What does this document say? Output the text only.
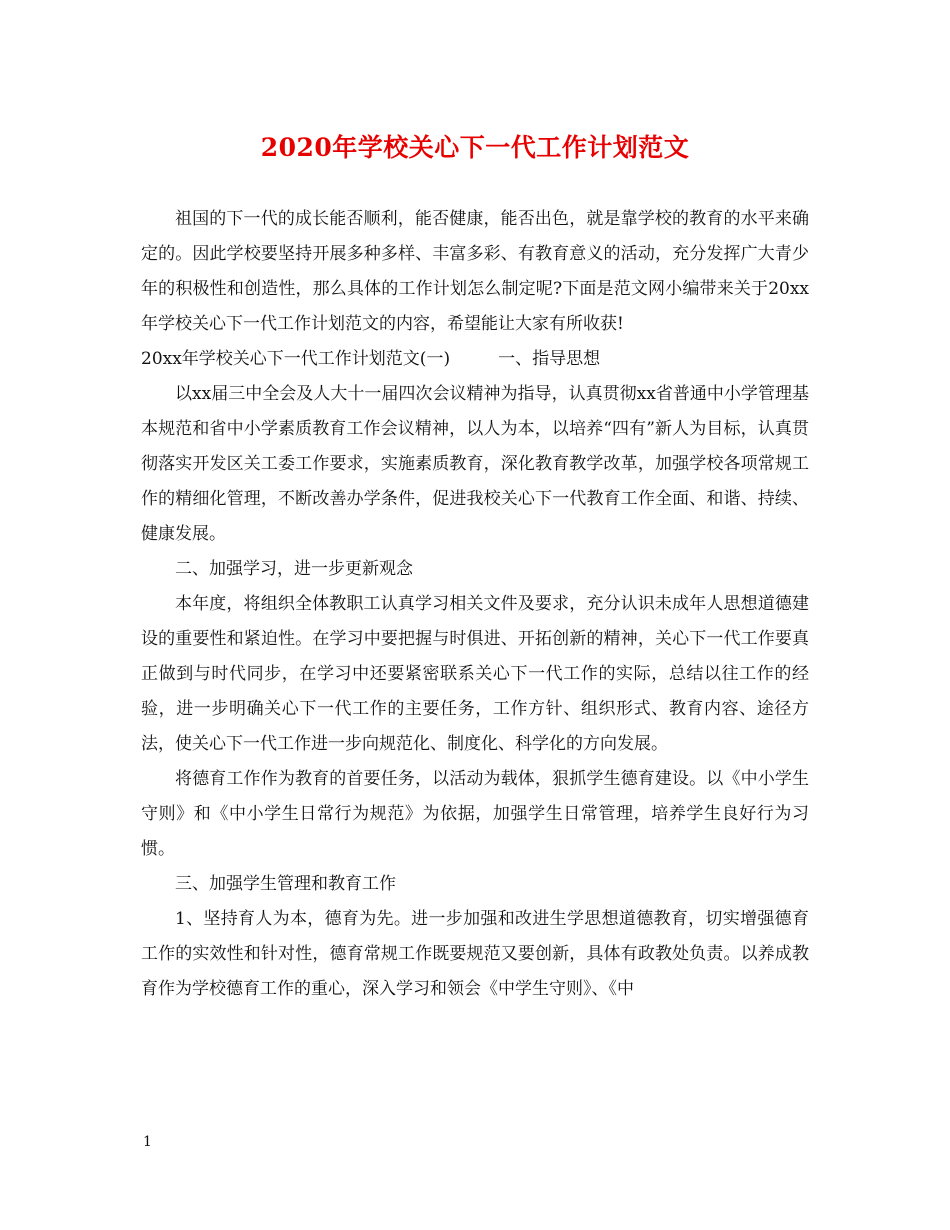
2020年学校关心下一代工作计划范文

祖国的下一代的成长能否顺利，能否健康，能否出色，就是靠学校的教育的水平来确定的。因此学校要坚持开展多种多样、丰富多彩、有教育意义的活动，充分发挥广大青少年的积极性和创造性，那么具体的工作计划怎么制定呢?下面是范文网小编带来关于20xx年学校关心下一代工作计划范文的内容，希望能让大家有所收获!

20xx年学校关心下一代工作计划范文(一)	一、指导思想

以xx届三中全会及人大十一届四次会议精神为指导，认真贯彻xx省普通中小学管理基本规范和省中小学素质教育工作会议精神，以人为本，以培养“四有”新人为目标，认真贯彻落实开发区关工委工作要求，实施素质教育，深化教育教学改革，加强学校各项常规工作的精细化管理，不断改善办学条件，促进我校关心下一代教育工作全面、和谐、持续、健康发展。

二、加强学习，进一步更新观念

本年度，将组织全体教职工认真学习相关文件及要求，充分认识未成年人思想道德建设的重要性和紧迫性。在学习中要把握与时俱进、开拓创新的精神，关心下一代工作要真正做到与时代同步，在学习中还要紧密联系关心下一代工作的实际，总结以往工作的经验，进一步明确关心下一代工作的主要任务，工作方针、组织形式、教育内容、途径方法，使关心下一代工作进一步向规范化、制度化、科学化的方向发展。

将德育工作作为教育的首要任务，以活动为载体，狠抓学生德育建设。以《中小学生守则》和《中小学生日常行为规范》为依据，加强学生日常管理，培养学生良好行为习惯。

三、加强学生管理和教育工作

1、坚持育人为本，德育为先。进一步加强和改进生学思想道德教育，切实增强德育工作的实效性和针对性，德育常规工作既要规范又要创新，具体有政教处负责。以养成教育作为学校德育工作的重心，深入学习和领会《中学生守则》、《中

1
